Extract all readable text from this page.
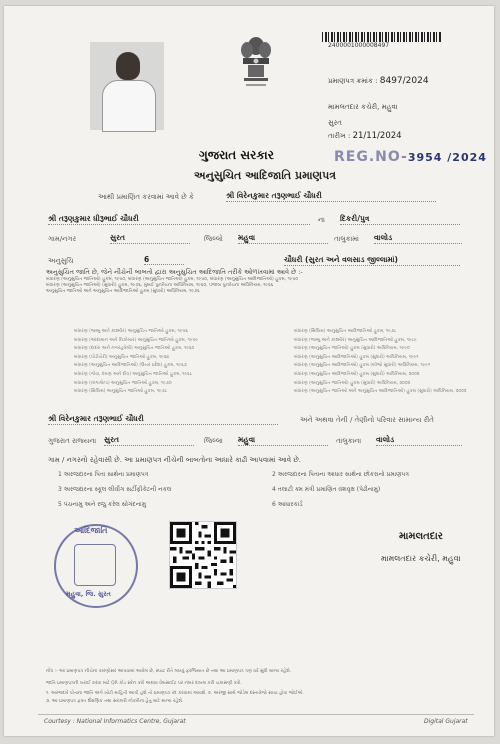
2400001000008497
પ્રમાણપત્ર ક્રમાંક : 8497/2024
મામલતદાર કચેરી, મહુવા
સુરત
તારીખ : 21/11/2024
ગુજરાત સરકાર	REG.NO-3954 /2024
અનુસુચિત આદિજાતિ પ્રમાણપત્ર
આથી પ્રમાણિત કરવામાં આવે છે કે	શ્રી વિરેનકુમાર તરૂણભાઈ ચૌધરી
શ્રી તરૂણકુમાર ધીરૂભાઈ ચૌધરી	ના દિકરી/પુત્ર
ગામ/નગર	સુરત	જિલ્લો મહુવા	તાલુકામાં વાલોડ
અનુસુચિ	6	ચૌધરી (સુરત અને વલસાડ જીલ્લામાં)
અનુસુચિત જાતિ છે, જેને નીચેની બાબતો દ્વારા અનુસુચિત આદિજાતિ તરીકે ઓળખવામાં આવે છે :-
બંધારણ (અનુસુચિત જાતિઓ) હુકમ, ૧૯૫૦, બંધારણ (અનુસુચિત જાતિઓ) હુકમ, ૧૯૫૦, બંધારણ (અનુસુચિત આદિજાતિઓ) હુકમ, ૧૯૫૦
બંધારણ (અનુસુચિત જાતિઓ) (સુધારો) હુકમ, ૧૯૭૬, મુંબઈ પુનર્રચના અધિનિયમ, ૧૯૬૦, પંજાબ પુનર્રચના અધિનિયમ, ૧૯૬૬
અનુસુચિત જાતિઓ અને અનુસુચિત આદિજાતિઓ હુકમ (સુધારો) અધિનિયમ, ૧૯૭૬
બંધારણ (જમ્મુ અને કાશ્મીર) અનુસુચિત જાતિઓ હુકમ, ૧૯૫૬
બંધારણ (આંદામાન અને નિકોબાર) અનુસુચિત જાતિઓ હુકમ, ૧૯૫૯
બંધારણ (દાદરા અને નગરહવેલી) અનુસુચિત જાતિઓ હુકમ, ૧૯૬૨
બંધારણ (પોંડીચેરી) અનુસુચિત જાતિઓ હુકમ, ૧૯૬૪
બંધારણ (અનુસુચિત આદિજાતિઓ) (ઉત્તર પ્રદેશ) હુકમ, ૧૯૬૭
બંધારણ (ગોવા, દમણ અને દીવ) અનુસુચિત જાતિઓ હુકમ, ૧૯૬૮
બંધારણ (નાગાલેન્ડ) અનુસુચિત જાતિઓ હુકમ, ૧૯૭૦
બંધારણ (સિક્કિમ) અનુસુચિત જાતિઓ હુકમ, ૧૯૭૮
બંધારણ (સિક્કિમ) અનુસુચિત આદિજાતિઓ હુકમ, ૧૯૭૮
બંધારણ (જમ્મુ અને કાશ્મીર) અનુસુચિત આદિજાતિઓ હુકમ, ૧૯૮૯
બંધારણ (અનુસુચિત જાતિઓ) હુકમ (સુધારો) અધિનિયમ, ૧૯૯૦
બંધારણ (અનુસુચિત આદિજાતિઓ) હુકમ (સુધારો) અધિનિયમ, ૧૯૯૧
બંધારણ (અનુસુચિત આદિજાતિઓ) હુકમ (બીજો સુધારો) અધિનિયમ, ૧૯૯૧
બંધારણ (અનુસુચિત આદિજાતિઓ) હુકમ (સુધારો) અધિનિયમ, ૨૦૦૨
બંધારણ (અનુસુચિત જાતિઓ) હુકમ (સુધારો) અધિનિયમ, ૨૦૦૨
બંધારણ (અનુસુચિત જાતિઓ અને અનુસુચિત આદિજાતિઓ) હુકમ (સુધારો) અધિનિયમ, ૨૦૦૨
શ્રી વિરેનકુમાર તરૂણભાઈ ચૌધરી	અને અથવા તેની / તેણીનો પરિવાર સામાન્ય રીતે
ગુજરાત રાજ્યના સુરત	જિલ્લા મહુવા	તાલુકાના વાલોડ
ગામ / નગરનો રહેવાસી છે. આ પ્રમાણપત્ર નીચેની બાબતોના આધારે કાઢી આપવામાં આવે છે.
1 અરજદારના પિતા સાથેના પ્રમાણપત્ર	2 અરજદારના પિતાના આધાર સાથેના છોકરાનો પ્રમાણપત્ર
3 અરજદારના સ્કૂલ લીવીંગ સર્ટીફીકેટની નકલ	4 તલાટી ક્મ મંત્રી પ્રમાણિત વંશવૃક્ષ (પેઢીનામુ)
5 પંચનામુ અને રજુ કરેલ સોગંદનામુ	6 આધારકાર્ડ
આદિજાતિ
મહુવા, જિ. સુરત
મામલતદાર
મામલતદાર કચેરી, મહુવા
નોંધ :- આ પ્રમાણપત્ર નીચેના કારણોસર આપવામાં આવેલ છે, સ્પષ્ટ રીતે લખવું ફરજિયાત છે તથા આ પ્રમાણપત્ર ત્રણ વર્ષ સુધી માન્ય રહેશે.
જાતિ પ્રમાણપત્રની ખરાઈ કરવા માટે QR કોડ સ્કેન કરો અથવા વેબસાઈટ પર નંબર દાખલ કરી ચકાસણી કરો.
૧. અરજદારે પોતાના જાતિ અંગે ખોટી માહિતી આપી હશે તો પ્રમાણપત્ર રદ કરવામાં આવશે. ૨. અરજી સાથે જોડેલ દસ્તાવેજો સાચા હોવા જોઈએ.
૩. આ પ્રમાણપત્ર ફક્ત શૈક્ષણિક તથા સરકારી નોકરીના હેતુ માટે માન્ય રહેશે.
Courtesy : National Informatics Centre, Gujarat	Digital Gujarat
